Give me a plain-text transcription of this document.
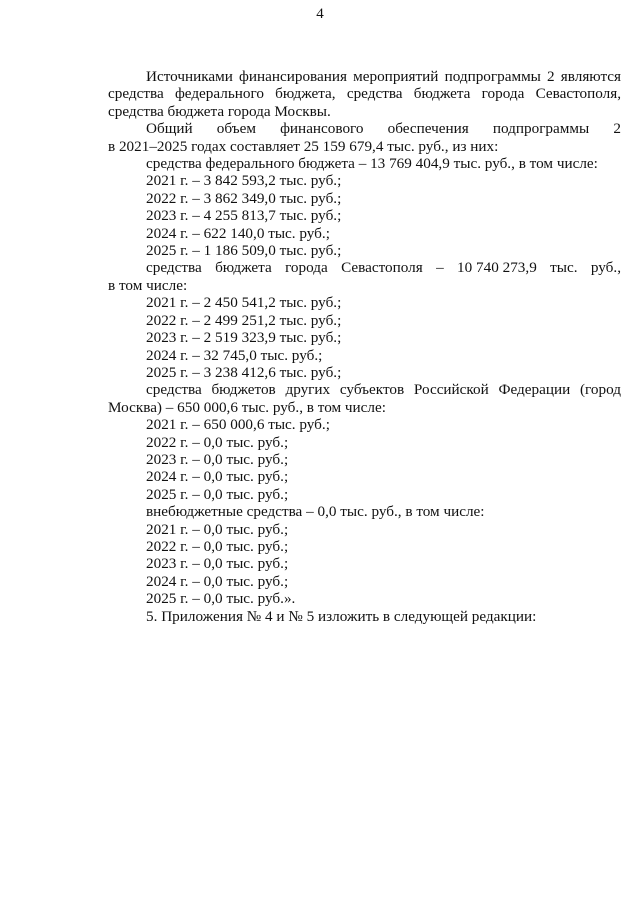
4

Источниками финансирования мероприятий подпрограммы 2 являются средства федерального бюджета, средства бюджета города Севастополя, средства бюджета города Москвы.

Общий объем финансового обеспечения подпрограммы 2

в 2021–2025 годах составляет 25 159 679,4 тыс. руб., из них:

средства федерального бюджета – 13 769 404,9 тыс. руб., в том числе:

2021 г. – 3 842 593,2 тыс. руб.;

2022 г. – 3 862 349,0 тыс. руб.;

2023 г. – 4 255 813,7 тыс. руб.;

2024 г. – 622 140,0 тыс. руб.;

2025 г. – 1 186 509,0 тыс. руб.;

средства бюджета города Севастополя – 10 740 273,9 тыс. руб.,

в том числе:

2021 г. – 2 450 541,2 тыс. руб.;

2022 г. – 2 499 251,2 тыс. руб.;

2023 г. – 2 519 323,9 тыс. руб.;

2024 г. – 32 745,0 тыс. руб.;

2025 г. – 3 238 412,6 тыс. руб.;

средства бюджетов других субъектов Российской Федерации (город

Москва) – 650 000,6 тыс. руб., в том числе:

2021 г. – 650 000,6 тыс. руб.;

2022 г. – 0,0 тыс. руб.;

2023 г. – 0,0 тыс. руб.;

2024 г. – 0,0 тыс. руб.;

2025 г. – 0,0 тыс. руб.;

внебюджетные средства – 0,0 тыс. руб., в том числе:

2021 г. – 0,0 тыс. руб.;

2022 г. – 0,0 тыс. руб.;

2023 г. – 0,0 тыс. руб.;

2024 г. – 0,0 тыс. руб.;

2025 г. – 0,0 тыс. руб.».

5. Приложения № 4 и № 5 изложить в следующей редакции:
